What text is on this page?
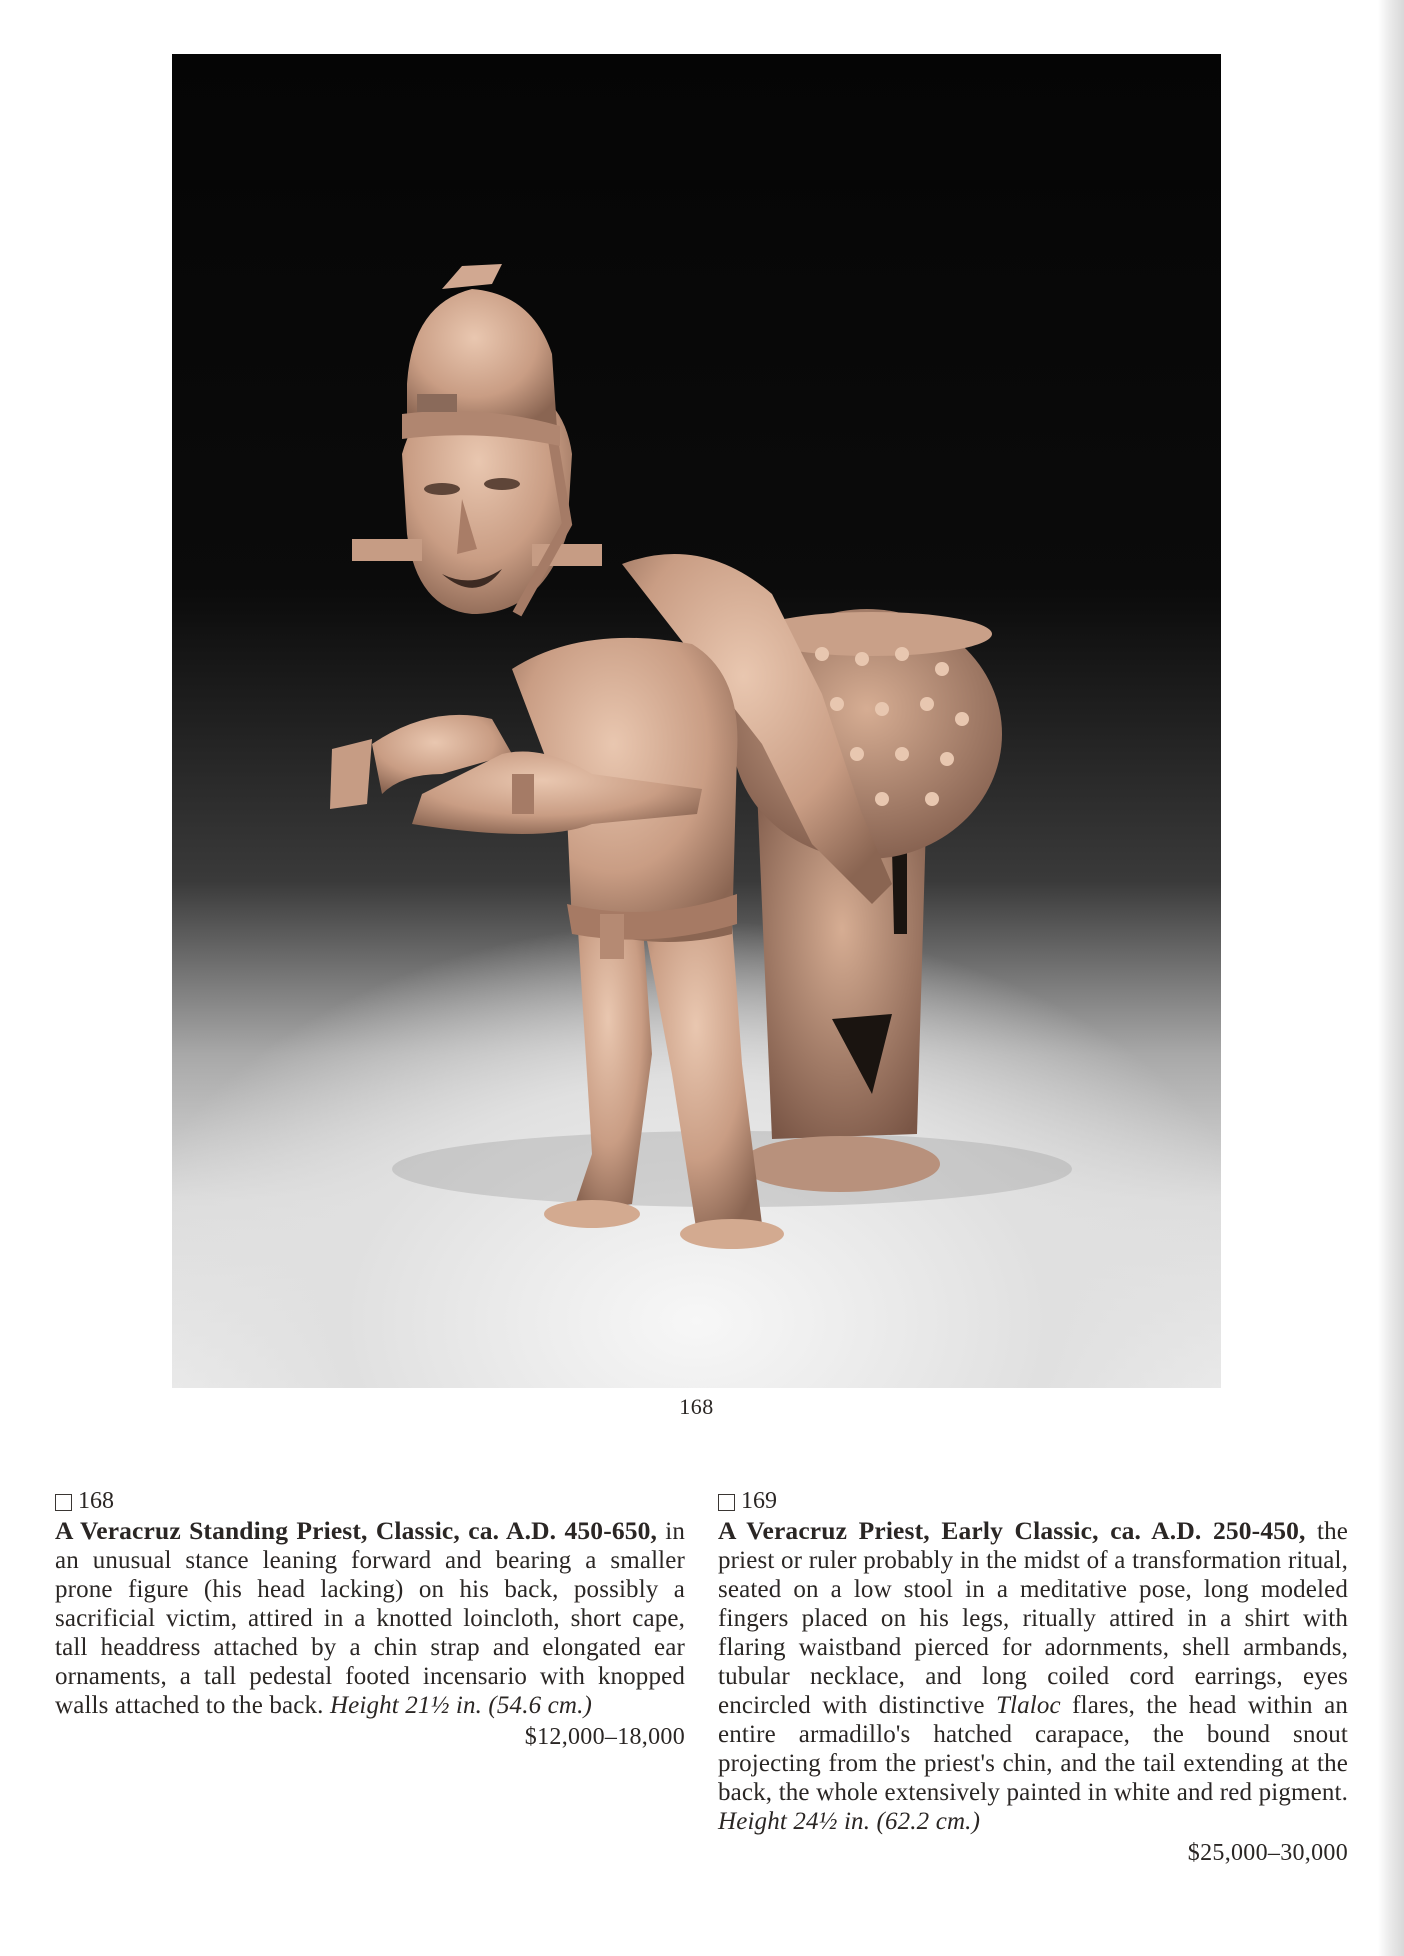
168
168
A Veracruz Standing Priest, Classic, ca. A.D. 450-650, in an unusual stance leaning forward and bearing a smaller prone figure (his head lacking) on his back, possibly a sacrificial victim, attired in a knotted loincloth, short cape, tall headdress attached by a chin strap and elongated ear ornaments, a tall pedestal footed incensario with knopped walls attached to the back. Height 21½ in. (54.6 cm.)
$12,000–18,000
169
A Veracruz Priest, Early Classic, ca. A.D. 250-450, the priest or ruler probably in the midst of a transformation ritual, seated on a low stool in a meditative pose, long modeled fingers placed on his legs, ritually attired in a shirt with flaring waistband pierced for adornments, shell armbands, tubular necklace, and long coiled cord earrings, eyes encircled with distinctive Tlaloc flares, the head within an entire armadillo's hatched carapace, the bound snout projecting from the priest's chin, and the tail extending at the back, the whole extensively painted in white and red pigment. Height 24½ in. (62.2 cm.)
$25,000–30,000
